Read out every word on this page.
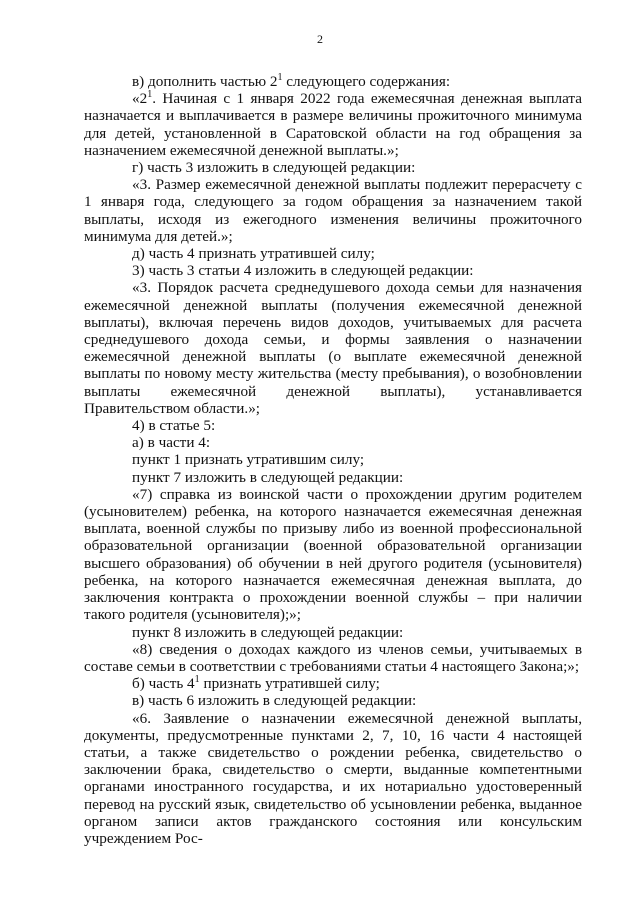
2

в) дополнить частью $2^1$ следующего содержания:

«$2^1$. Начиная с 1 января 2022 года ежемесячная денежная выплата назначается и выплачивается в размере величины прожиточного минимума для детей, установленной в Саратовской области на год обращения за назначением ежемесячной денежной выплаты.»;

г) часть 3 изложить в следующей редакции:

«3. Размер ежемесячной денежной выплаты подлежит перерасчету с 1 января года, следующего за годом обращения за назначением такой выплаты, исходя из ежегодного изменения величины прожиточного минимума для детей.»;

д) часть 4 признать утратившей силу;

3) часть 3 статьи 4 изложить в следующей редакции:

«3. Порядок расчета среднедушевого дохода семьи для назначения ежемесячной денежной выплаты (получения ежемесячной денежной выплаты), включая перечень видов доходов, учитываемых для расчета среднедушевого дохода семьи, и формы заявления о назначении ежемесячной денежной выплаты (о выплате ежемесячной денежной выплаты по новому месту жительства (месту пребывания), о возобновлении выплаты ежемесячной денежной выплаты), устанавливается Правительством области.»;

4) в статье 5:

а) в части 4:

пункт 1 признать утратившим силу;

пункт 7 изложить в следующей редакции:

«7) справка из воинской части о прохождении другим родителем (усыновителем) ребенка, на которого назначается ежемесячная денежная выплата, военной службы по призыву либо из военной профессиональной образовательной организации (военной образовательной организации высшего образования) об обучении в ней другого родителя (усыновителя) ребенка, на которого назначается ежемесячная денежная выплата, до заключения контракта о прохождении военной службы – при наличии такого родителя (усыновителя);»;

пункт 8 изложить в следующей редакции:

«8) сведения о доходах каждого из членов семьи, учитываемых в составе семьи в соответствии с требованиями статьи 4 настоящего Закона;»;

б) часть $4^1$ признать утратившей силу;

в) часть 6 изложить в следующей редакции:

«6. Заявление о назначении ежемесячной денежной выплаты, документы, предусмотренные пунктами 2, 7, 10, 16 части 4 настоящей статьи, а также свидетельство о рождении ребенка, свидетельство о заключении брака, свидетельство о смерти, выданные компетентными органами иностранного государства, и их нотариально удостоверенный перевод на русский язык, свидетельство об усыновлении ребенка, выданное органом записи актов гражданского состояния или консульским учреждением Рос-
